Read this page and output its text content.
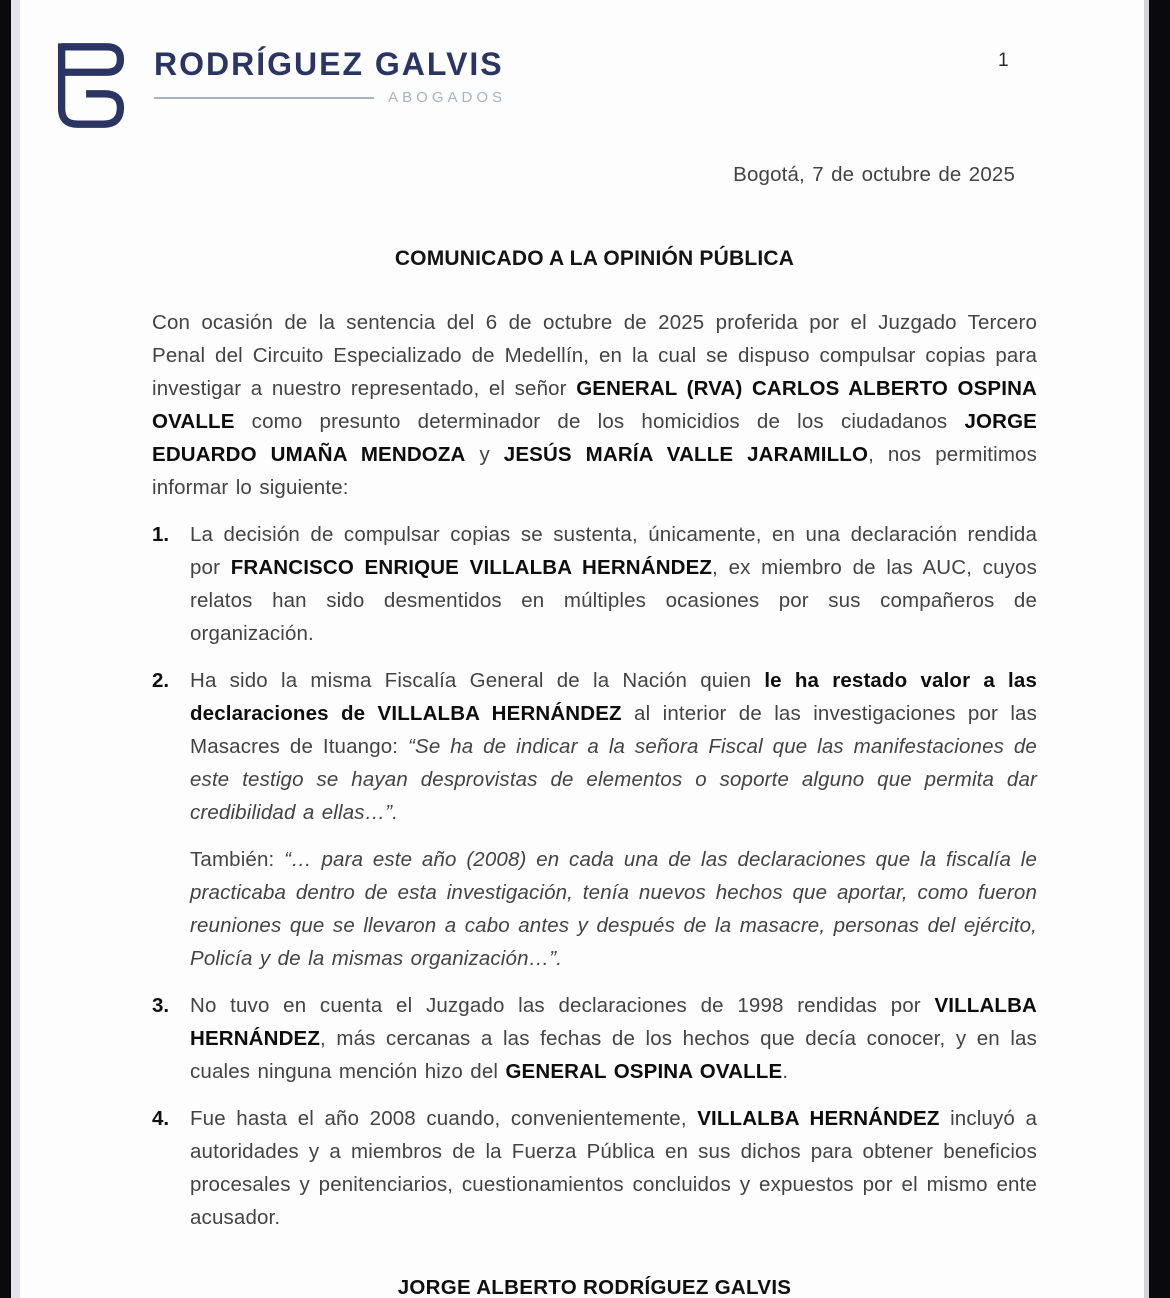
1
RODRÍGUEZ GALVIS
ABOGADOS
Bogotá, 7 de octubre de 2025
COMUNICADO A LA OPINIÓN PÚBLICA

Con ocasión de la sentencia del 6 de octubre de 2025 proferida por el Juzgado Tercero Penal del Circuito Especializado de Medellín, en la cual se dispuso compulsar copias para investigar a nuestro representado, el señor GENERAL (RVA) CARLOS ALBERTO OSPINA OVALLE como presunto determinador de los homicidios de los ciudadanos JORGE EDUARDO UMAÑA MENDOZA y JESÚS MARÍA VALLE JARAMILLO, nos permitimos informar lo siguiente:

1.	La decisión de compulsar copias se sustenta, únicamente, en una declaración rendida por FRANCISCO ENRIQUE VILLALBA HERNÁNDEZ, ex miembro de las AUC, cuyos relatos han sido desmentidos en múltiples ocasiones por sus compañeros de organización.

2.	Ha sido la misma Fiscalía General de la Nación quien le ha restado valor a las declaraciones de VILLALBA HERNÁNDEZ al interior de las investigaciones por las Masacres de Ituango: “Se ha de indicar a la señora Fiscal que las manifestaciones de este testigo se hayan desprovistas de elementos o soporte alguno que permita dar credibilidad a ellas…”.

También: “… para este año (2008) en cada una de las declaraciones que la fiscalía le practicaba dentro de esta investigación, tenía nuevos hechos que aportar, como fueron reuniones que se llevaron a cabo antes y después de la masacre, personas del ejército, Policía y de la mismas organización…”.

3.	No tuvo en cuenta el Juzgado las declaraciones de 1998 rendidas por VILLALBA HERNÁNDEZ, más cercanas a las fechas de los hechos que decía conocer, y en las cuales ninguna mención hizo del GENERAL OSPINA OVALLE.

4.	Fue hasta el año 2008 cuando, convenientemente, VILLALBA HERNÁNDEZ incluyó a autoridades y a miembros de la Fuerza Pública en sus dichos para obtener beneficios procesales y penitenciarios, cuestionamientos concluidos y expuestos por el mismo ente acusador.

JORGE ALBERTO RODRÍGUEZ GALVIS
